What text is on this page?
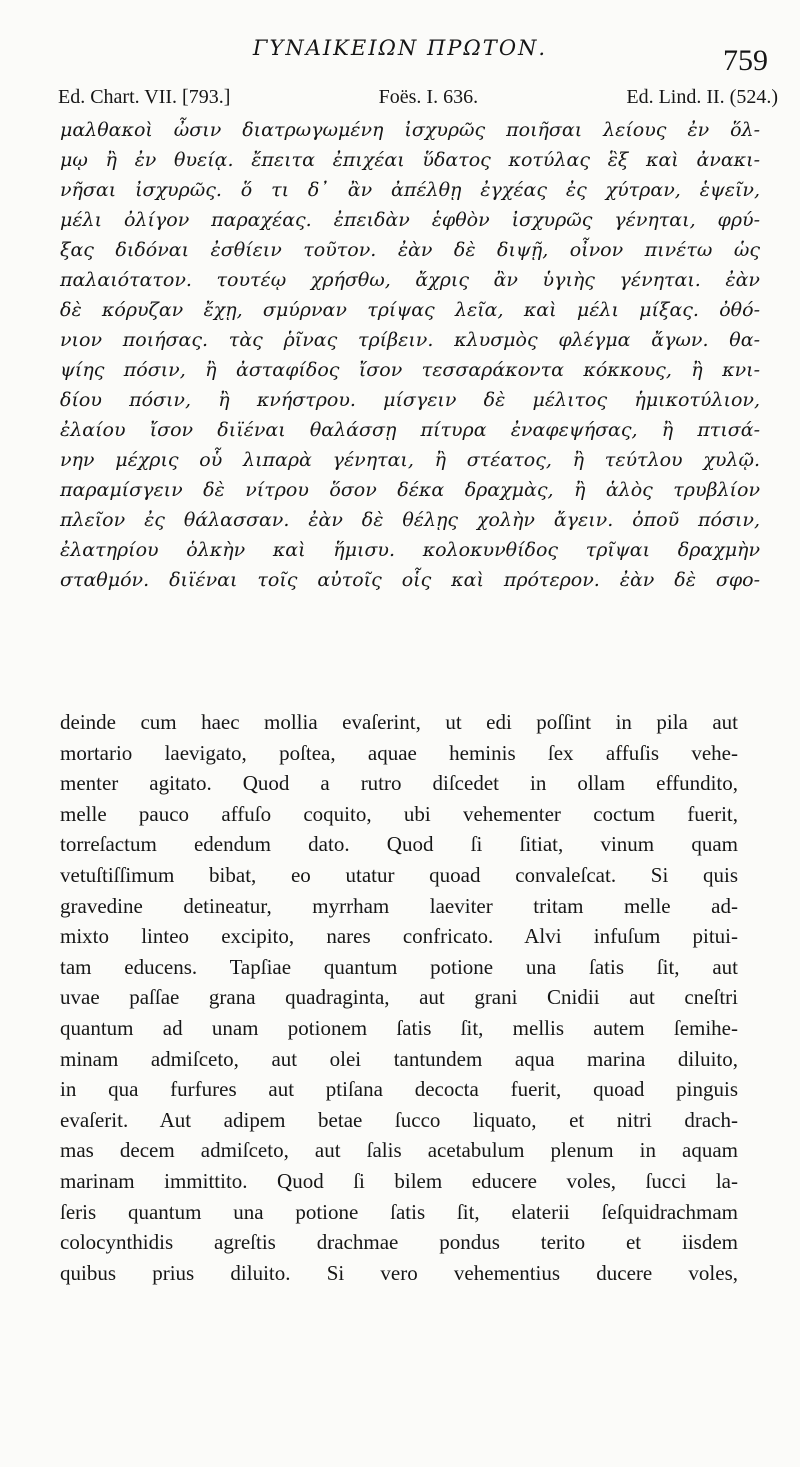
ΓΥΝΑΙΚΕΙΩΝ ΠΡΩΤΟΝ.	759
Ed. Chart. VII. [793.]	Foës. I. 636.	Ed. Lind. II. (524.)
μαλθακοὶ ὦσιν διατρωγωμένη ἰσχυρῶς ποιῆσαι λείους ἐν ὅλ-
μῳ ἢ ἐν θυείᾳ. ἔπειτα ἐπιχέαι ὕδατος κοτύλας ἓξ καὶ ἀνακι-
νῆσαι ἰσχυρῶς. ὅ τι δ᾽ ἂν ἀπέλθῃ ἐγχέας ἐς χύτραν, ἑψεῖν,
μέλι ὀλίγον παραχέας. ἐπειδὰν ἑφθὸν ἰσχυρῶς γένηται, φρύ-
ξας διδόναι ἐσθίειν τοῦτον. ἐὰν δὲ διψῇ, οἶνον πινέτω ὡς
παλαιότατον. τουτέῳ χρήσθω, ἄχρις ἂν ὑγιὴς γένηται. ἐὰν
δὲ κόρυζαν ἔχῃ, σμύρναν τρίψας λεῖα, καὶ μέλι μίξας. ὀθό-
νιον ποιήσας. τὰς ῥῖνας τρίβειν. κλυσμὸς φλέγμα ἄγων. θα-
ψίης πόσιν, ἢ ἀσταφίδος ἴσον τεσσαράκοντα κόκκους, ἢ κνι-
δίου πόσιν, ἢ κνήστρου. μίσγειν δὲ μέλιτος ἡμικοτύλιον,
ἐλαίου ἴσον διϊέναι θαλάσσῃ πίτυρα ἐναφεψήσας, ἢ πτισά-
νην μέχρις οὗ λιπαρὰ γένηται, ἢ στέατος, ἢ τεύτλου χυλῷ.
παραμίσγειν δὲ νίτρου ὅσον δέκα δραχμὰς, ἢ ἁλὸς τρυβλίον
πλεῖον ἐς θάλασσαν. ἐὰν δὲ θέλῃς χολὴν ἄγειν. ὀποῦ πόσιν,
ἐλατηρίου ὁλκὴν καὶ ἥμισυ. κολοκυνθίδος τρῖψαι δραχμὴν
σταθμόν. διϊέναι τοῖς αὐτοῖς οἷς καὶ πρότερον. ἐὰν δὲ σφο-
deinde cum haec mollia evaſerint, ut edi poſſint in pila aut
mortario laevigato, poſtea, aquae heminis ſex affuſis vehe-
menter agitato. Quod a rutro diſcedet in ollam effundito,
melle pauco affuſo coquito, ubi vehementer coctum fuerit,
torreſactum edendum dato. Quod ſi ſitiat, vinum quam
vetuſtiſſimum bibat, eo utatur quoad convaleſcat. Si quis
gravedine detineatur, myrrham laeviter tritam melle ad-
mixto linteo excipito, nares confricato. Alvi infuſum pitui-
tam educens. Tapſiae quantum potione una ſatis ſit, aut
uvae paſſae grana quadraginta, aut grani Cnidii aut cneſtri
quantum ad unam potionem ſatis ſit, mellis autem ſemihe-
minam admiſceto, aut olei tantundem aqua marina diluito,
in qua furfures aut ptiſana decocta fuerit, quoad pinguis
evaſerit. Aut adipem betae ſucco liquato, et nitri drach-
mas decem admiſceto, aut ſalis acetabulum plenum in aquam
marinam immittito. Quod ſi bilem educere voles, ſucci la-
ſeris quantum una potione ſatis ſit, elaterii ſeſquidrachmam
colocynthidis agreſtis drachmae pondus terito et iisdem
quibus prius diluito. Si vero vehementius ducere voles,
